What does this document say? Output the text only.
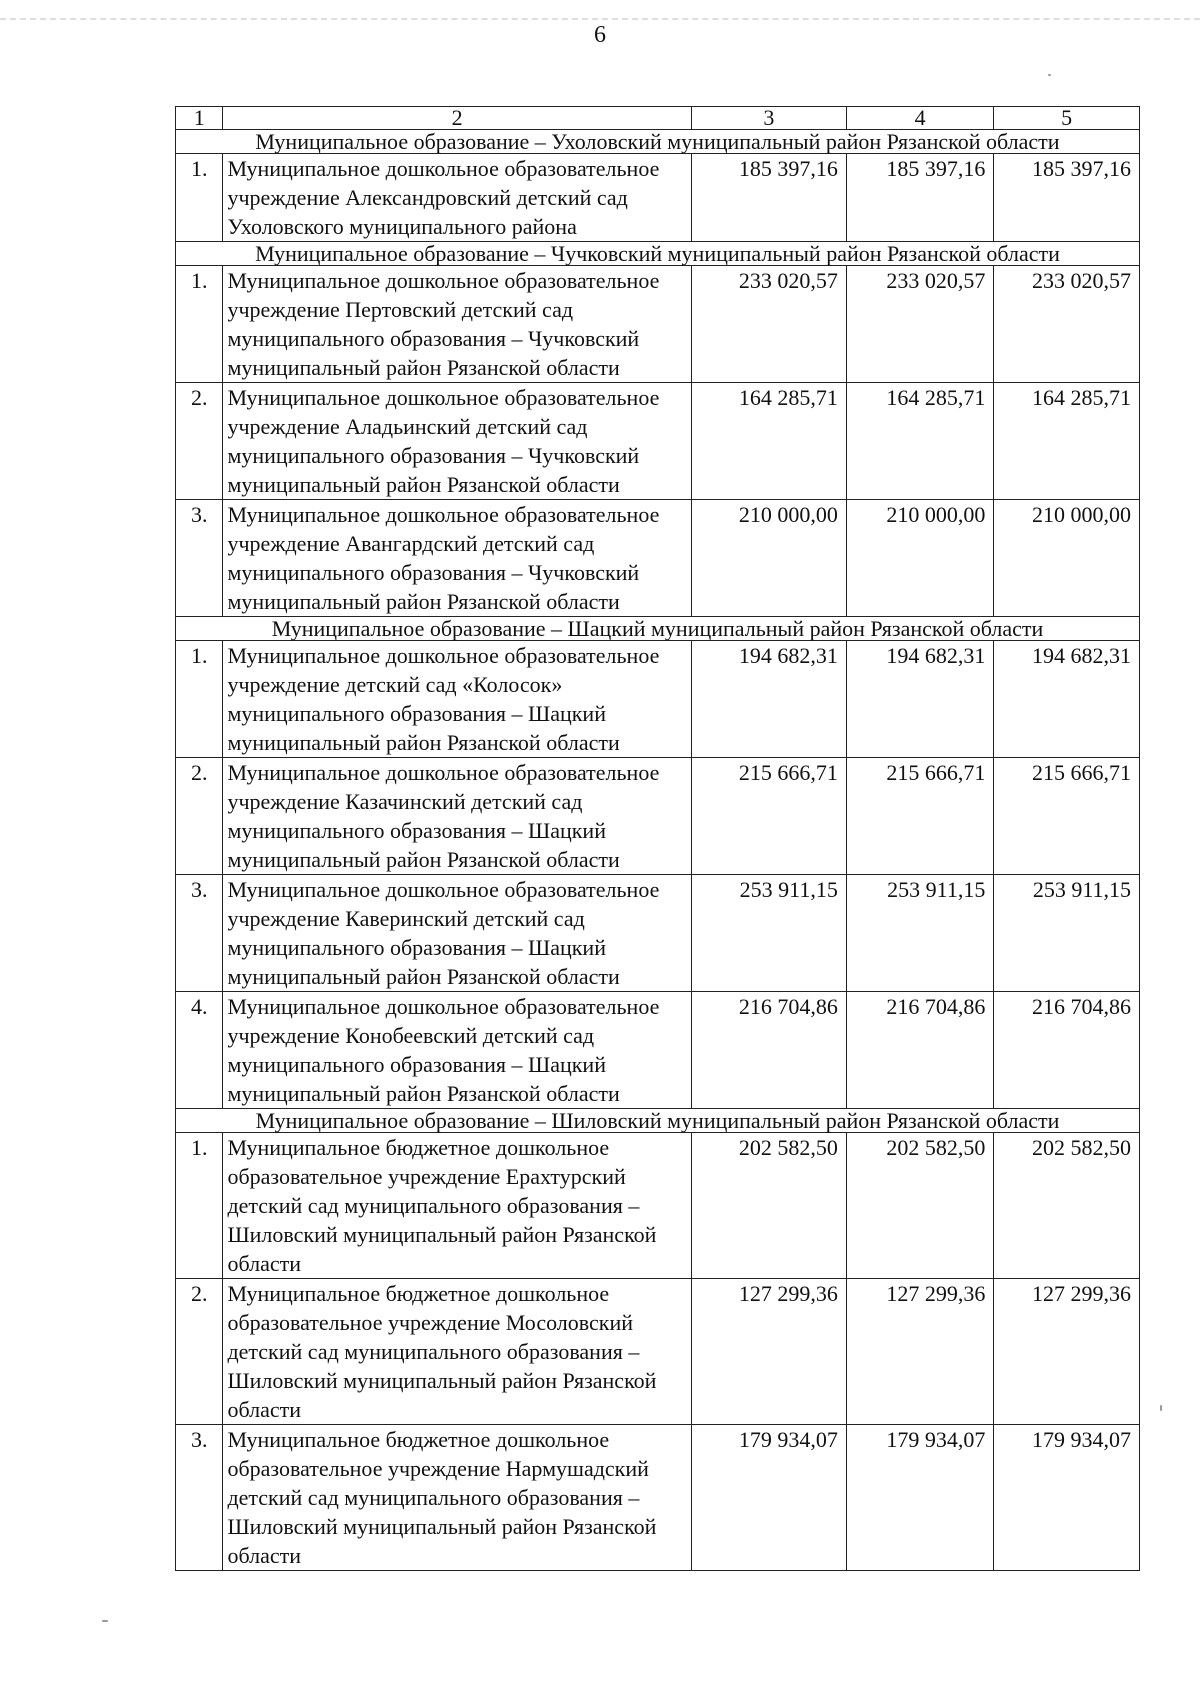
6
1	2	3	4	5
Муниципальное образование – Ухоловский муниципальный район Рязанской области				
1.	Муниципальное дошкольное образовательное учреждение Александровский детский сад Ухоловского муниципального района	185 397,16	185 397,16	185 397,16
Муниципальное образование – Чучковский муниципальный район Рязанской области				
1.	Муниципальное дошкольное образовательное учреждение Пертовский детский сад муниципального образования – Чучковский муниципальный район Рязанской области	233 020,57	233 020,57	233 020,57
2.	Муниципальное дошкольное образовательное учреждение Аладьинский детский сад муниципального образования – Чучковский муниципальный район Рязанской области	164 285,71	164 285,71	164 285,71
3.	Муниципальное дошкольное образовательное учреждение Авангардский детский сад муниципального образования – Чучковский муниципальный район Рязанской области	210 000,00	210 000,00	210 000,00
Муниципальное образование – Шацкий муниципальный район Рязанской области				
1.	Муниципальное дошкольное образовательное учреждение детский сад «Колосок» муниципального образования – Шацкий муниципальный район Рязанской области	194 682,31	194 682,31	194 682,31
2.	Муниципальное дошкольное образовательное учреждение Казачинский детский сад муниципального образования – Шацкий муниципальный район Рязанской области	215 666,71	215 666,71	215 666,71
3.	Муниципальное дошкольное образовательное учреждение Каверинский детский сад муниципального образования – Шацкий муниципальный район Рязанской области	253 911,15	253 911,15	253 911,15
4.	Муниципальное дошкольное образовательное учреждение Конобеевский детский сад муниципального образования – Шацкий муниципальный район Рязанской области	216 704,86	216 704,86	216 704,86
Муниципальное образование – Шиловский муниципальный район Рязанской области				
1.	Муниципальное бюджетное дошкольное образовательное учреждение Ерахтурский детский сад муниципального образования – Шиловский муниципальный район Рязанской области	202 582,50	202 582,50	202 582,50
2.	Муниципальное бюджетное дошкольное образовательное учреждение Мосоловский детский сад муниципального образования – Шиловский муниципальный район Рязанской области	127 299,36	127 299,36	127 299,36
3.	Муниципальное бюджетное дошкольное образовательное учреждение Нармушадский детский сад муниципального образования – Шиловский муниципальный район Рязанской области	179 934,07	179 934,07	179 934,07
